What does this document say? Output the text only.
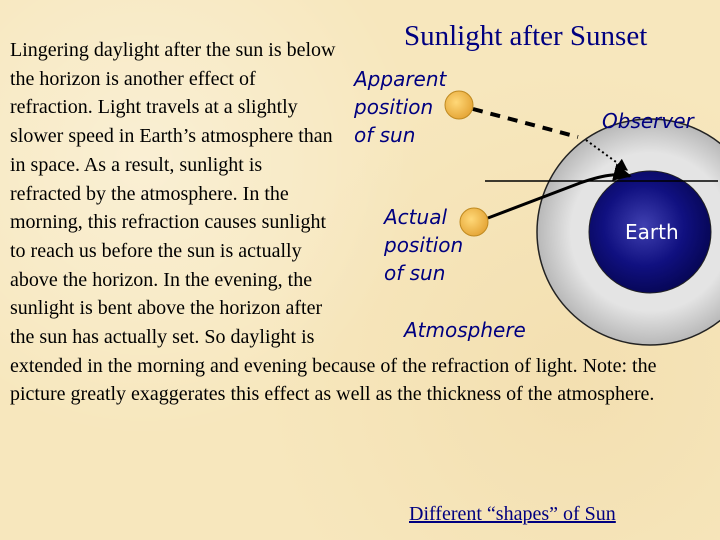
Sunlight after Sunset

Lingering daylight after the sun is below the horizon is another effect of refraction. Light travels at a slightly slower speed in Earth’s atmosphere than in space. As a result, sunlight is refracted by the atmosphere. In the morning, this refraction causes sunlight to reach us before the sun is actually above the horizon. In the evening, the sunlight is bent above the horizon after the sun has actually set. So daylight is extended in the morning and evening because of the refraction of light. Note: the picture greatly exaggerates this effect as well as the thickness of the atmosphere.

Apparent
position
of sun
Observer
Actual
position
of sun
Earth
Atmosphere
Different “shapes” of Sun
